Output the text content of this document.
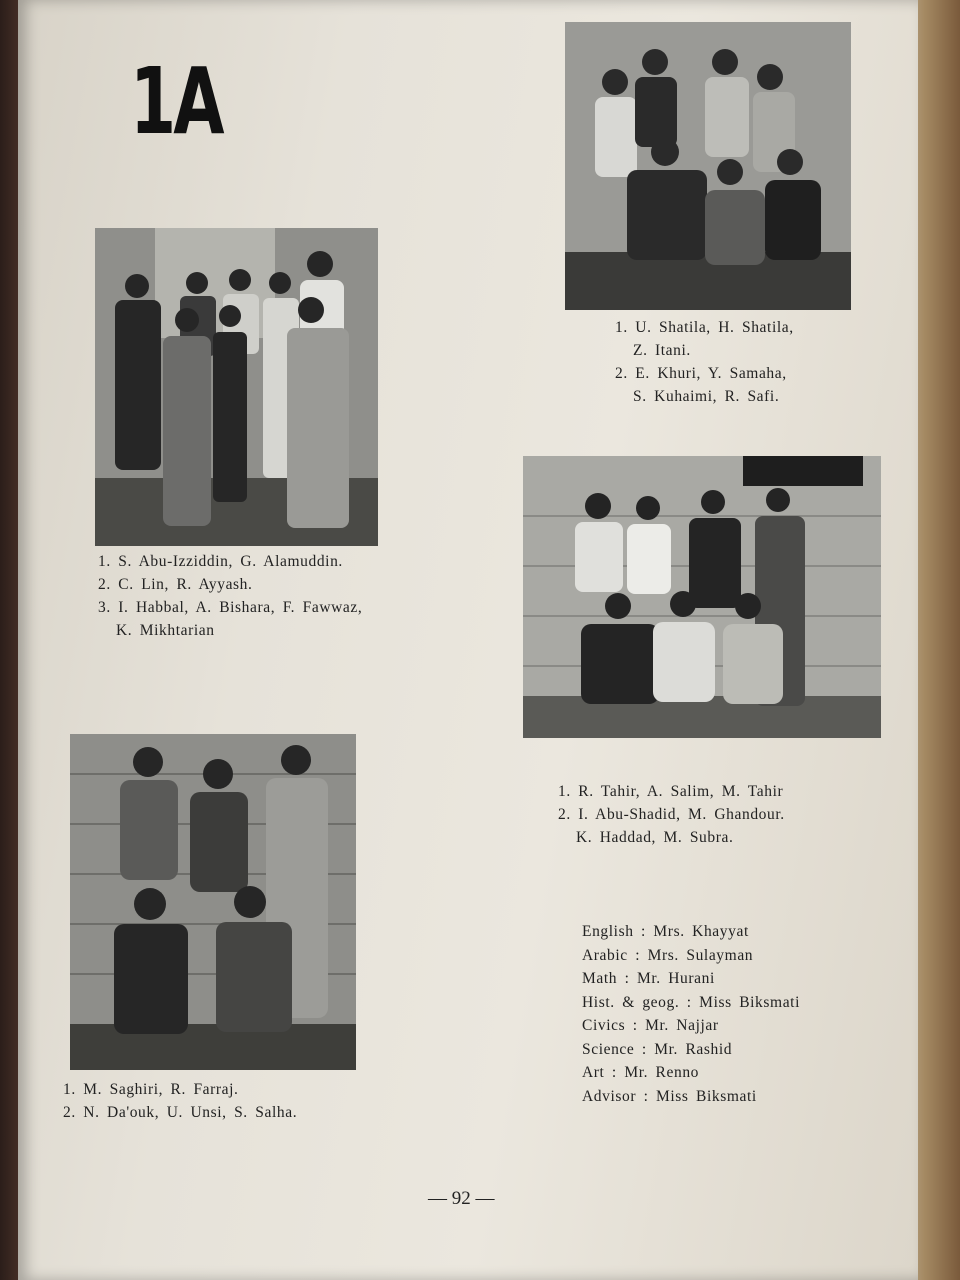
1A
1. U. Shatila, H. Shatila,
Z. Itani.
2. E. Khuri, Y. Samaha,
S. Kuhaimi, R. Safi.
1. S. Abu-Izziddin, G. Alamuddin.
2. C. Lin, R. Ayyash.
3. I. Habbal, A. Bishara, F. Fawwaz,
K. Mikhtarian
1. R. Tahir, A. Salim, M. Tahir
2. I. Abu-Shadid, M. Ghandour.
K. Haddad, M. Subra.
1. M. Saghiri, R. Farraj.
2. N. Da'ouk, U. Unsi, S. Salha.
English : Mrs. Khayyat
Arabic : Mrs. Sulayman
Math : Mr. Hurani
Hist. & geog. : Miss Biksmati
Civics : Mr. Najjar
Science : Mr. Rashid
Art : Mr. Renno
Advisor : Miss Biksmati
— 92 —
